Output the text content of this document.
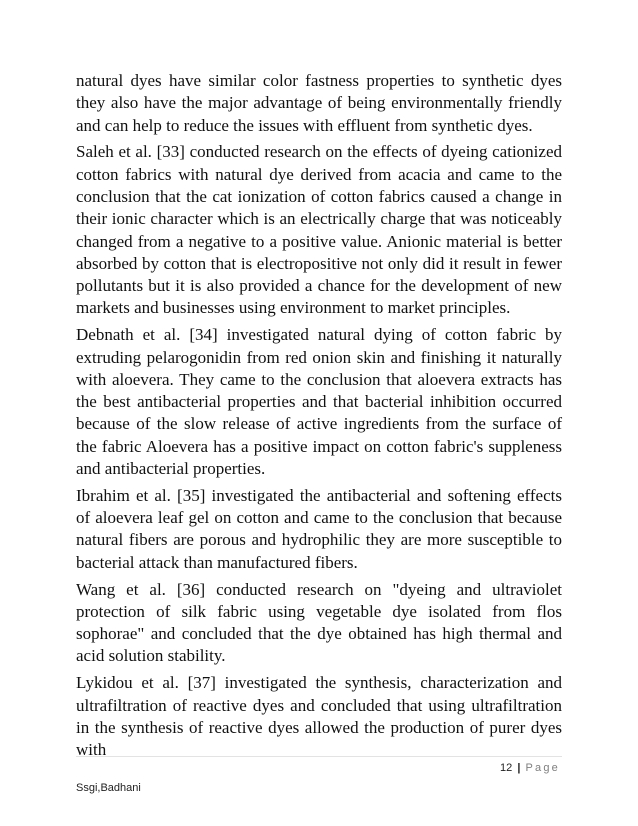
natural dyes have similar color fastness properties to synthetic dyes they also have the major advantage of being environmentally friendly and can help to reduce the issues with effluent from synthetic dyes.

Saleh et al. [33] conducted research on the effects of dyeing cationized cotton fabrics with natural dye derived from acacia and came to the conclusion that the cat ionization of cotton fabrics caused a change in their ionic character which is an electrically charge that was noticeably changed from a negative to a positive value. Anionic material is better absorbed by cotton that is electropositive not only did it result in fewer pollutants but it is also provided a chance for the development of new markets and businesses using environment to market principles.

Debnath et al. [34] investigated natural dying of cotton fabric by extruding pelarogonidin from red onion skin and finishing it naturally with aloevera. They came to the conclusion that aloevera extracts has the best antibacterial properties and that bacterial inhibition occurred because of the slow release of active ingredients from the surface of the fabric Aloevera has a positive impact on cotton fabric's suppleness and antibacterial properties.

Ibrahim et al. [35] investigated the antibacterial and softening effects of aloevera leaf gel on cotton and came to the conclusion that because natural fibers are porous and hydrophilic they are more susceptible to bacterial attack than manufactured fibers.

Wang et al. [36] conducted research on "dyeing and ultraviolet protection of silk fabric using vegetable dye isolated from flos sophorae" and concluded that the dye obtained has high thermal and acid solution stability.

Lykidou et al. [37] investigated the synthesis, characterization and ultrafiltration of reactive dyes and concluded that using ultrafiltration in the synthesis of reactive dyes allowed the production of purer dyes with

12 | Page
Ssgi,Badhani
